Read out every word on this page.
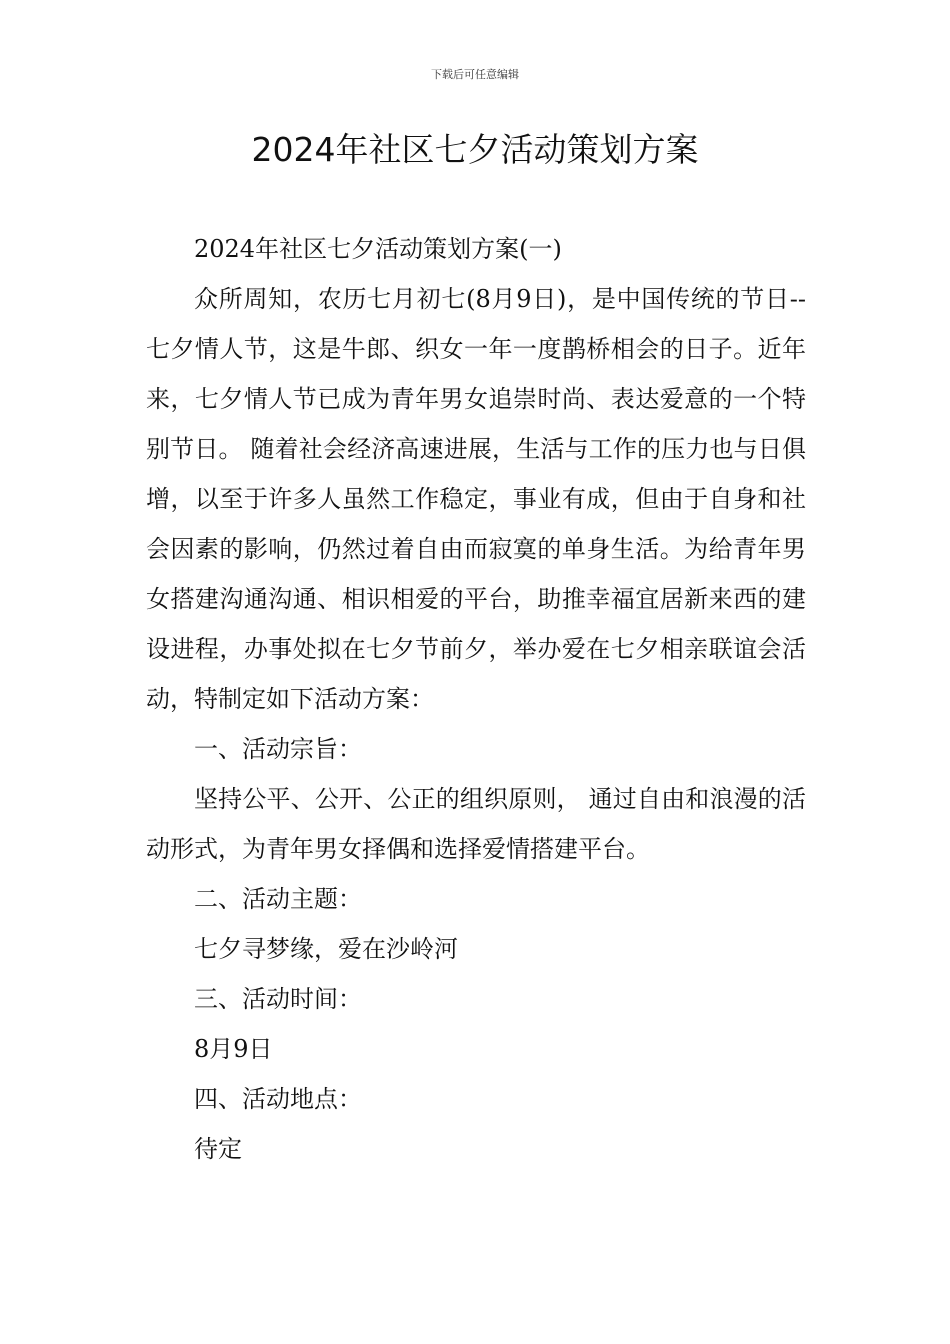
下载后可任意编辑
2024年社区七夕活动策划方案

2024年社区七夕活动策划方案(一)

众所周知，农历七月初七(8月9日)，是中国传统的节日--七夕情人节，这是牛郎、织女一年一度鹊桥相会的日子。近年来，七夕情人节已成为青年男女追崇时尚、表达爱意的一个特别节日。 随着社会经济高速进展，生活与工作的压力也与日俱增，以至于许多人虽然工作稳定，事业有成，但由于自身和社会因素的影响，仍然过着自由而寂寞的单身生活。为给青年男女搭建沟通沟通、相识相爱的平台，助推幸福宜居新来西的建设进程，办事处拟在七夕节前夕，举办爱在七夕相亲联谊会活动，特制定如下活动方案：

一、活动宗旨：

坚持公平、公开、公正的组织原则， 通过自由和浪漫的活动形式，为青年男女择偶和选择爱情搭建平台。

二、活动主题：

七夕寻梦缘，爱在沙岭河

三、活动时间：

8月9日

四、活动地点：

待定
